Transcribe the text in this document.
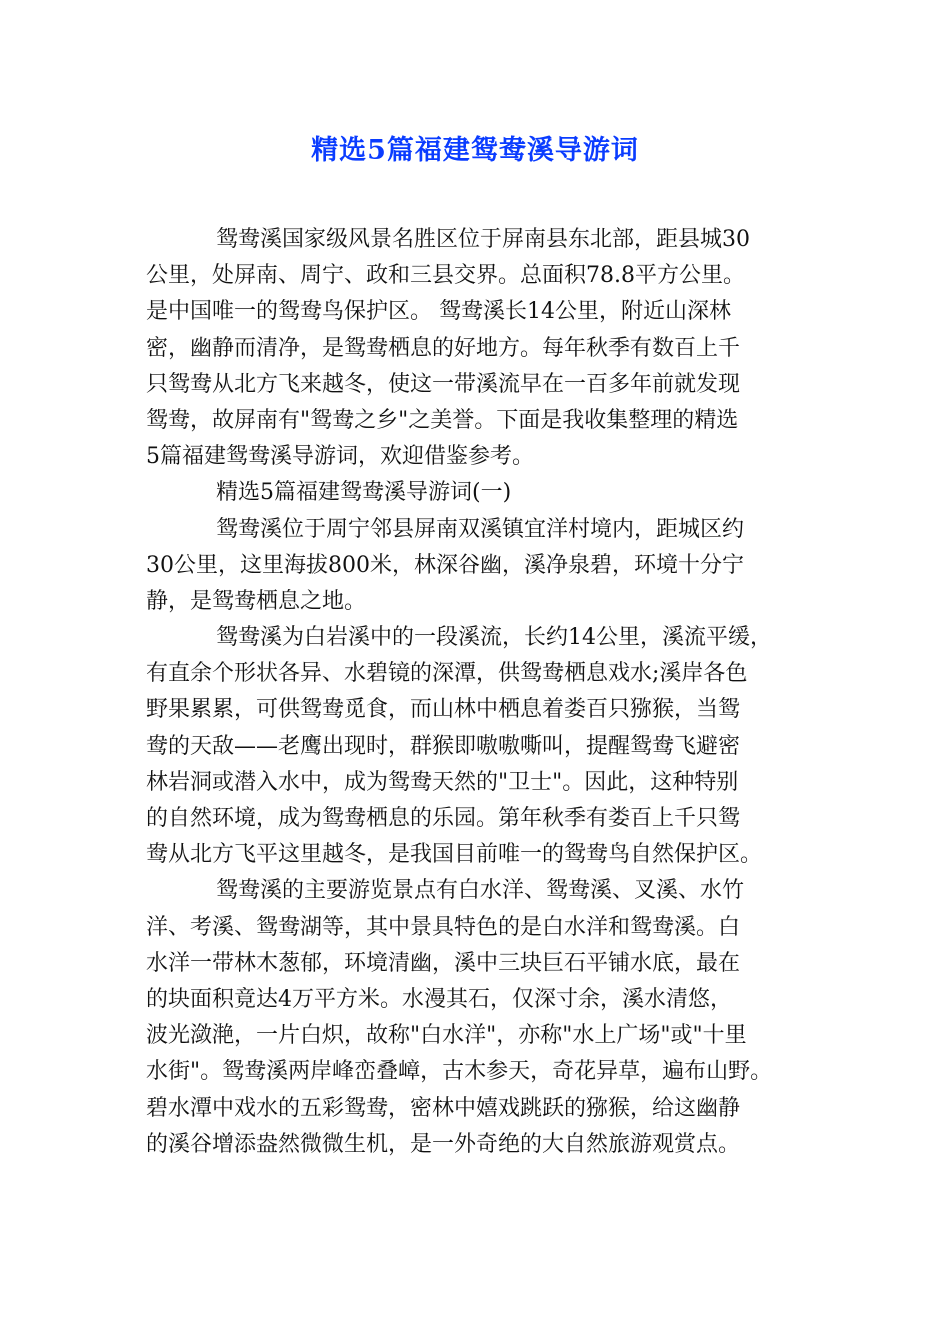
精选5篇福建鸳鸯溪导游词
鸳鸯溪国家级风景名胜区位于屏南县东北部，距县城30
公里，处屏南、周宁、政和三县交界。总面积78.8平方公里。
是中国唯一的鸳鸯鸟保护区。 鸳鸯溪长14公里，附近山深林
密，幽静而清净，是鸳鸯栖息的好地方。每年秋季有数百上千
只鸳鸯从北方飞来越冬，使这一带溪流早在一百多年前就发现
鸳鸯，故屏南有"鸳鸯之乡"之美誉。下面是我收集整理的精选
5篇福建鸳鸯溪导游词，欢迎借鉴参考。
精选5篇福建鸳鸯溪导游词(一)
鸳鸯溪位于周宁邻县屏南双溪镇宜洋村境内，距城区约
30公里，这里海拔800米，林深谷幽，溪净泉碧，环境十分宁
静，是鸳鸯栖息之地。
鸳鸯溪为白岩溪中的一段溪流，长约14公里，溪流平缓，
有直余个形状各异、水碧镜的深潭，供鸳鸯栖息戏水;溪岸各色
野果累累，可供鸳鸯觅食，而山林中栖息着娄百只猕猴，当鸳
鸯的天敌——老鹰出现时，群猴即嗷嗷嘶叫，提醒鸳鸯飞避密
林岩洞或潜入水中，成为鸳鸯天然的"卫士"。因此，这种特别
的自然环境，成为鸳鸯栖息的乐园。第年秋季有娄百上千只鸳
鸯从北方飞平这里越冬，是我国目前唯一的鸳鸯鸟自然保护区。
鸳鸯溪的主要游览景点有白水洋、鸳鸯溪、叉溪、水竹
洋、考溪、鸳鸯湖等，其中景具特色的是白水洋和鸳鸯溪。白
水洋一带林木葱郁，环境清幽，溪中三块巨石平铺水底，最在
的块面积竟达4万平方米。水漫其石，仅深寸余，溪水清悠，
波光潋滟，一片白炽，故称"白水洋"，亦称"水上广场"或"十里
水街"。鸳鸯溪两岸峰峦叠嶂，古木参天，奇花异草，遍布山野。
碧水潭中戏水的五彩鸳鸯，密林中嬉戏跳跃的猕猴，给这幽静
的溪谷增添盎然微微生机，是一外奇绝的大自然旅游观赏点。
